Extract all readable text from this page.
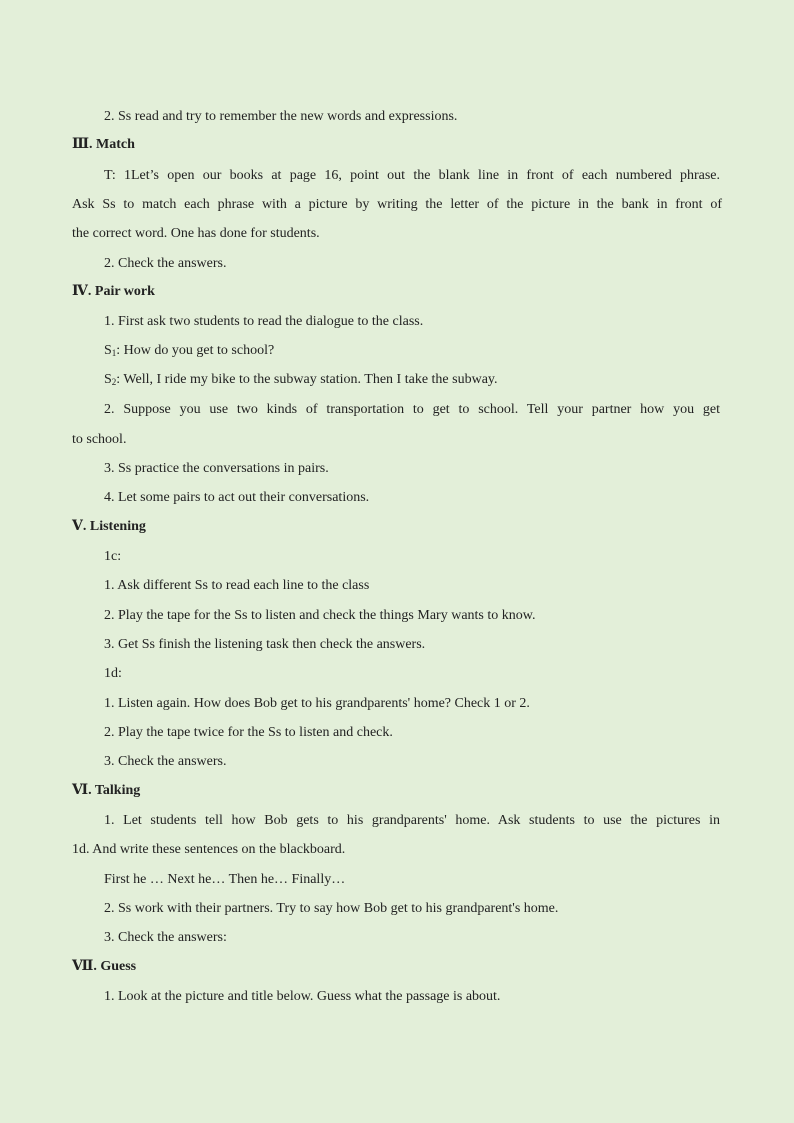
2. Ss read and try to remember the new words and expressions.
Ⅲ. Match
T: 1Let’s open our books at page 16, point out the blank line in front of each numbered phrase.
Ask Ss to match each phrase with a picture by writing the letter of the picture in the bank in front of
the correct word. One has done for students.
2. Check the answers.
Ⅳ. Pair work
1. First ask two students to read the dialogue to the class.
$S_1$: How do you get to school?
$S_2$: Well, I ride my bike to the subway station. Then I take the subway.
2. Suppose you use two kinds of transportation to get to school. Tell your partner how you get
to school.
3. Ss practice the conversations in pairs.
4. Let some pairs to act out their conversations.
Ⅴ. Listening
1c:
1. Ask different Ss to read each line to the class
2. Play the tape for the Ss to listen and check the things Mary wants to know.
3. Get Ss finish the listening task then check the answers.
1d:
1. Listen again. How does Bob get to his grandparents' home? Check 1 or 2.
2. Play the tape twice for the Ss to listen and check.
3. Check the answers.
Ⅵ. Talking
1. Let students tell how Bob gets to his grandparents' home. Ask students to use the pictures in
1d. And write these sentences on the blackboard.
First he … Next he… Then he… Finally…
2. Ss work with their partners. Try to say how Bob get to his grandparent's home.
3. Check the answers:
Ⅶ. Guess
1. Look at the picture and title below. Guess what the passage is about.
